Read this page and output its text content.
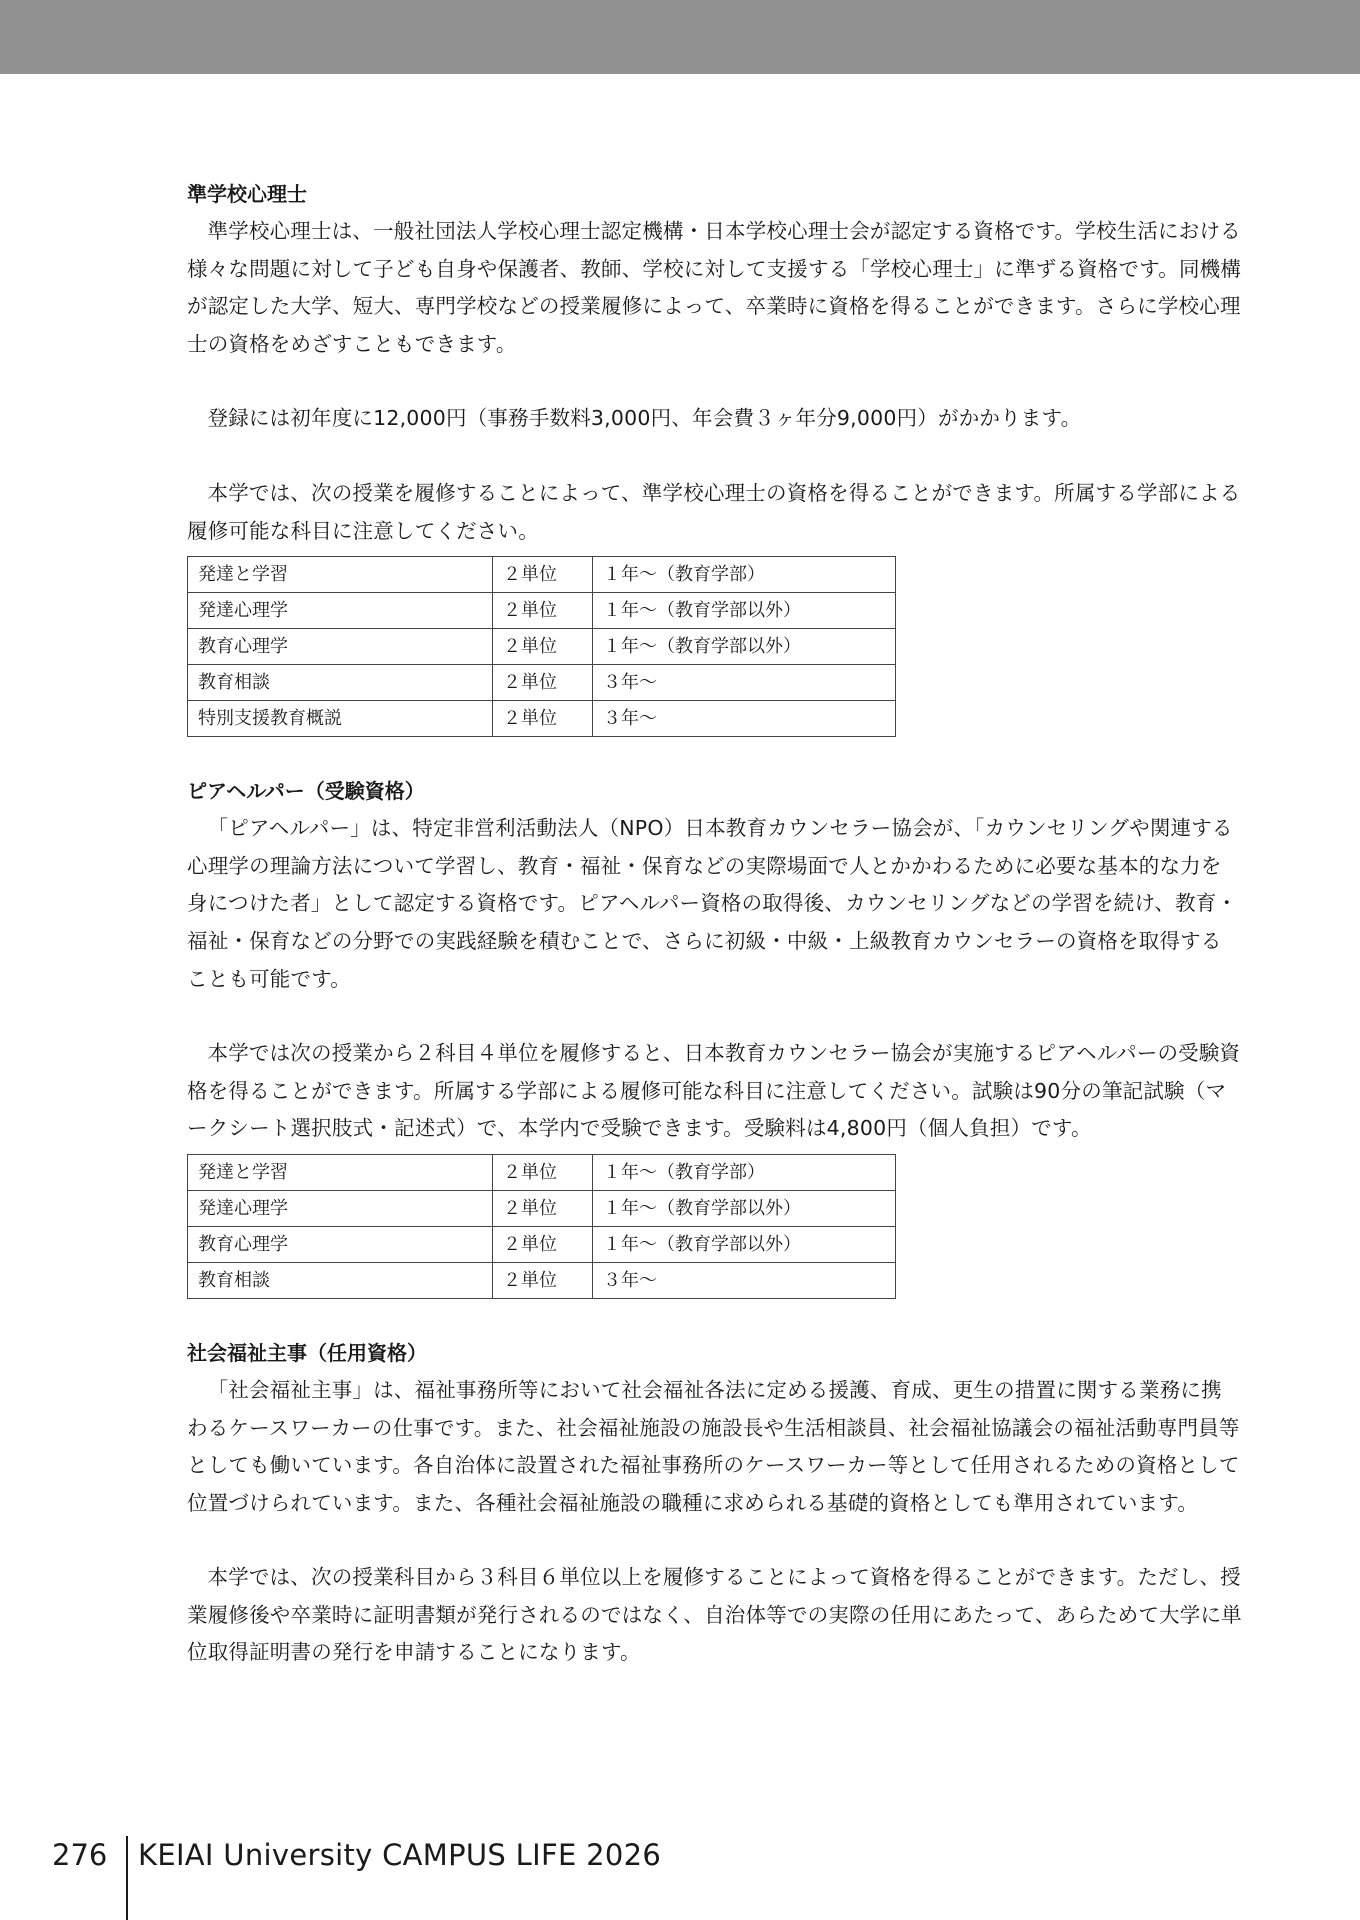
準学校心理士

準学校心理士は、一般社団法人学校心理士認定機構・日本学校心理士会が認定する資格です。学校生活における様々な問題に対して子ども自身や保護者、教師、学校に対して支援する「学校心理士」に準ずる資格です。同機構が認定した大学、短大、専門学校などの授業履修によって、卒業時に資格を得ることができます。さらに学校心理士の資格をめざすこともできます。

登録には初年度に12,000円（事務手数料3,000円、年会費３ヶ年分9,000円）がかかります。

本学では、次の授業を履修することによって、準学校心理士の資格を得ることができます。所属する学部による履修可能な科目に注意してください。

発達と学習	２単位	１年〜（教育学部）
発達心理学	２単位	１年〜（教育学部以外）
教育心理学	２単位	１年〜（教育学部以外）
教育相談	２単位	３年〜
特別支援教育概説	２単位	３年〜
ピアヘルパー（受験資格）

「ピアヘルパー」は、特定非営利活動法人（NPO）日本教育カウンセラー協会が、「カウンセリングや関連する心理学の理論方法について学習し、教育・福祉・保育などの実際場面で人とかかわるために必要な基本的な力を身につけた者」として認定する資格です。ピアヘルパー資格の取得後、カウンセリングなどの学習を続け、教育・福祉・保育などの分野での実践経験を積むことで、さらに初級・中級・上級教育カウンセラーの資格を取得することも可能です。

本学では次の授業から２科目４単位を履修すると、日本教育カウンセラー協会が実施するピアヘルパーの受験資格を得ることができます。所属する学部による履修可能な科目に注意してください。試験は90分の筆記試験（マークシート選択肢式・記述式）で、本学内で受験できます。受験料は4,800円（個人負担）です。

発達と学習	２単位	１年〜（教育学部）
発達心理学	２単位	１年〜（教育学部以外）
教育心理学	２単位	１年〜（教育学部以外）
教育相談	２単位	３年〜
社会福祉主事（任用資格）

「社会福祉主事」は、福祉事務所等において社会福祉各法に定める援護、育成、更生の措置に関する業務に携わるケースワーカーの仕事です。また、社会福祉施設の施設長や生活相談員、社会福祉協議会の福祉活動専門員等としても働いています。各自治体に設置された福祉事務所のケースワーカー等として任用されるための資格として位置づけられています。また、各種社会福祉施設の職種に求められる基礎的資格としても準用されています。

本学では、次の授業科目から３科目６単位以上を履修することによって資格を得ることができます。ただし、授業履修後や卒業時に証明書類が発行されるのではなく、自治体等での実際の任用にあたって、あらためて大学に単位取得証明書の発行を申請することになります。

276 KEIAI University CAMPUS LIFE 2026
